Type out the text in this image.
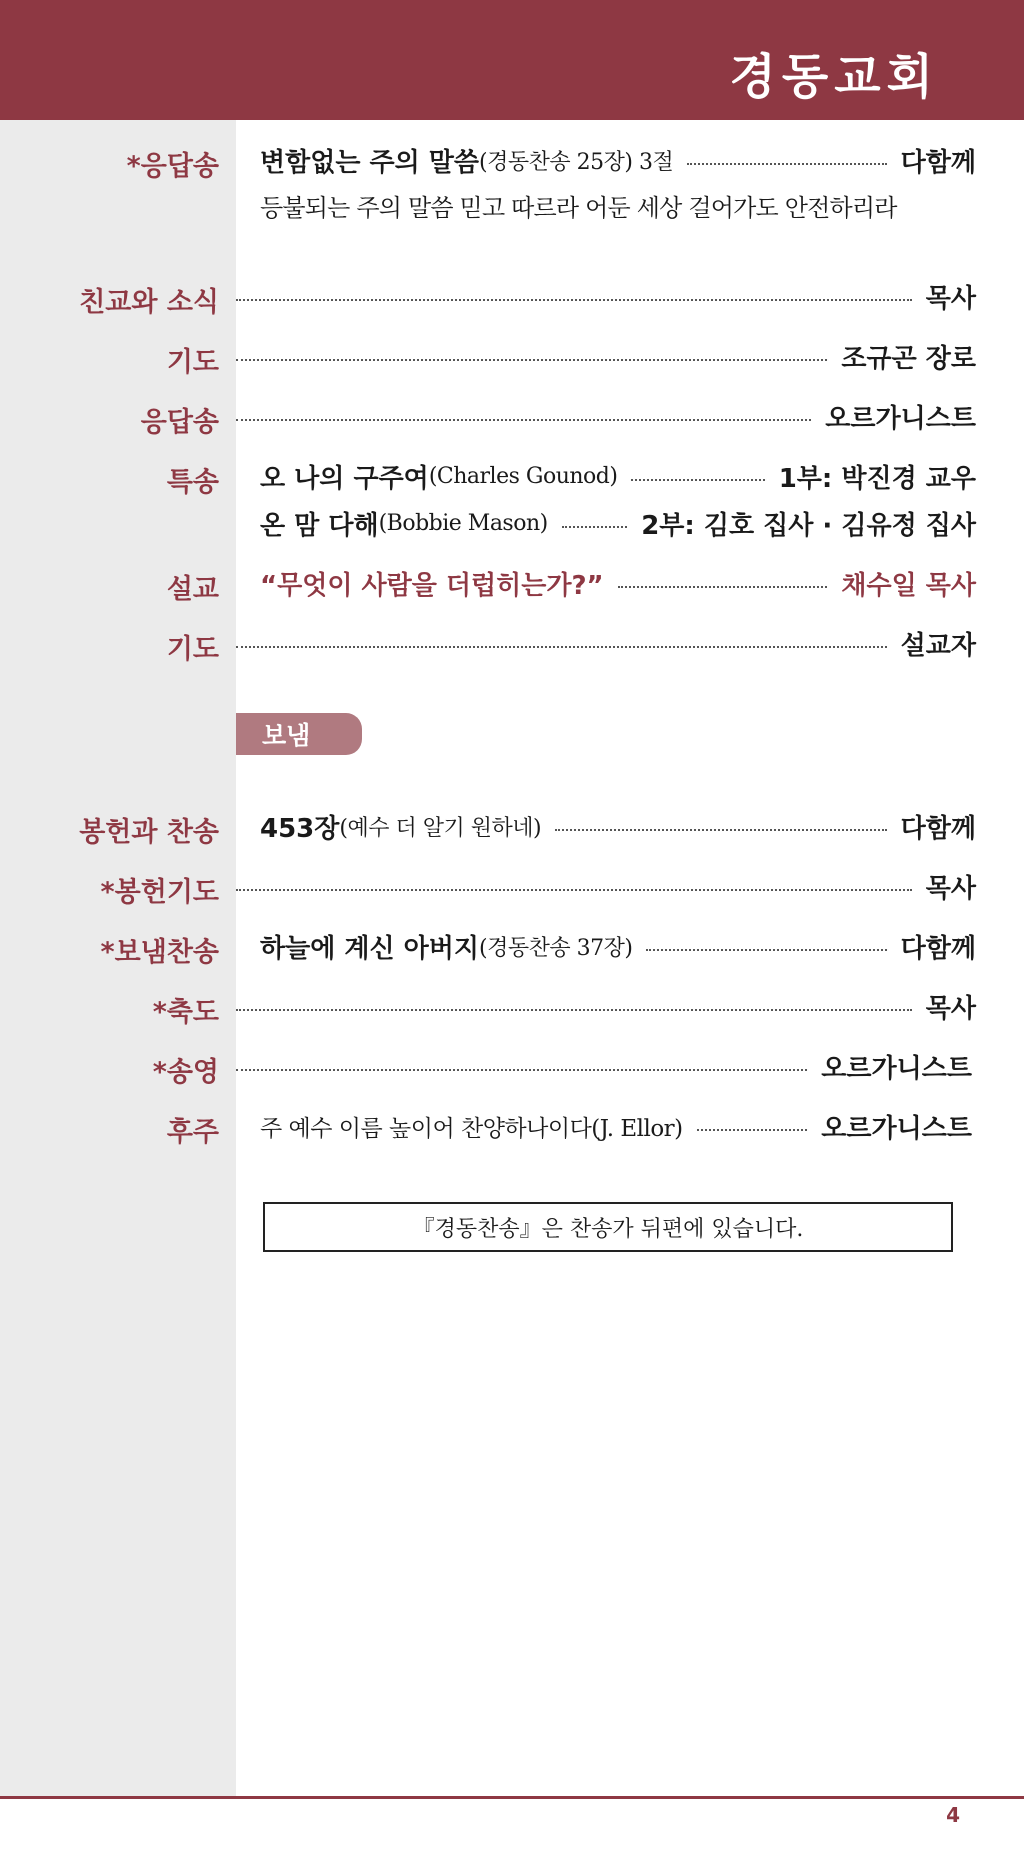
경동교회
*응답송 변함없는 주의 말씀 (경동찬송 25장) 3절	다함께
등불되는 주의 말씀 믿고 따르라 어둔 세상 걸어가도 안전하리라
친교와 소식	목사
기도	조규곤 장로
응답송	오르가니스트
특송 오 나의 구주여 (Charles Gounod)	1부: 박진경 교우
온 맘 다해 (Bobbie Mason)	2부: 김호 집사 · 김유정 집사
설교 “무엇이 사람을 더럽히는가?”	채수일 목사
기도	설교자
보냄
봉헌과 찬송 453장 (예수 더 알기 원하네)	다함께
*봉헌기도	목사
*보냄찬송 하늘에 계신 아버지 (경동찬송 37장)	다함께
*축도	목사
*송영	오르가니스트
후주 주 예수 이름 높이어 찬양하나이다(J. Ellor)	오르가니스트
『경동찬송』은 찬송가 뒤편에 있습니다.
4
